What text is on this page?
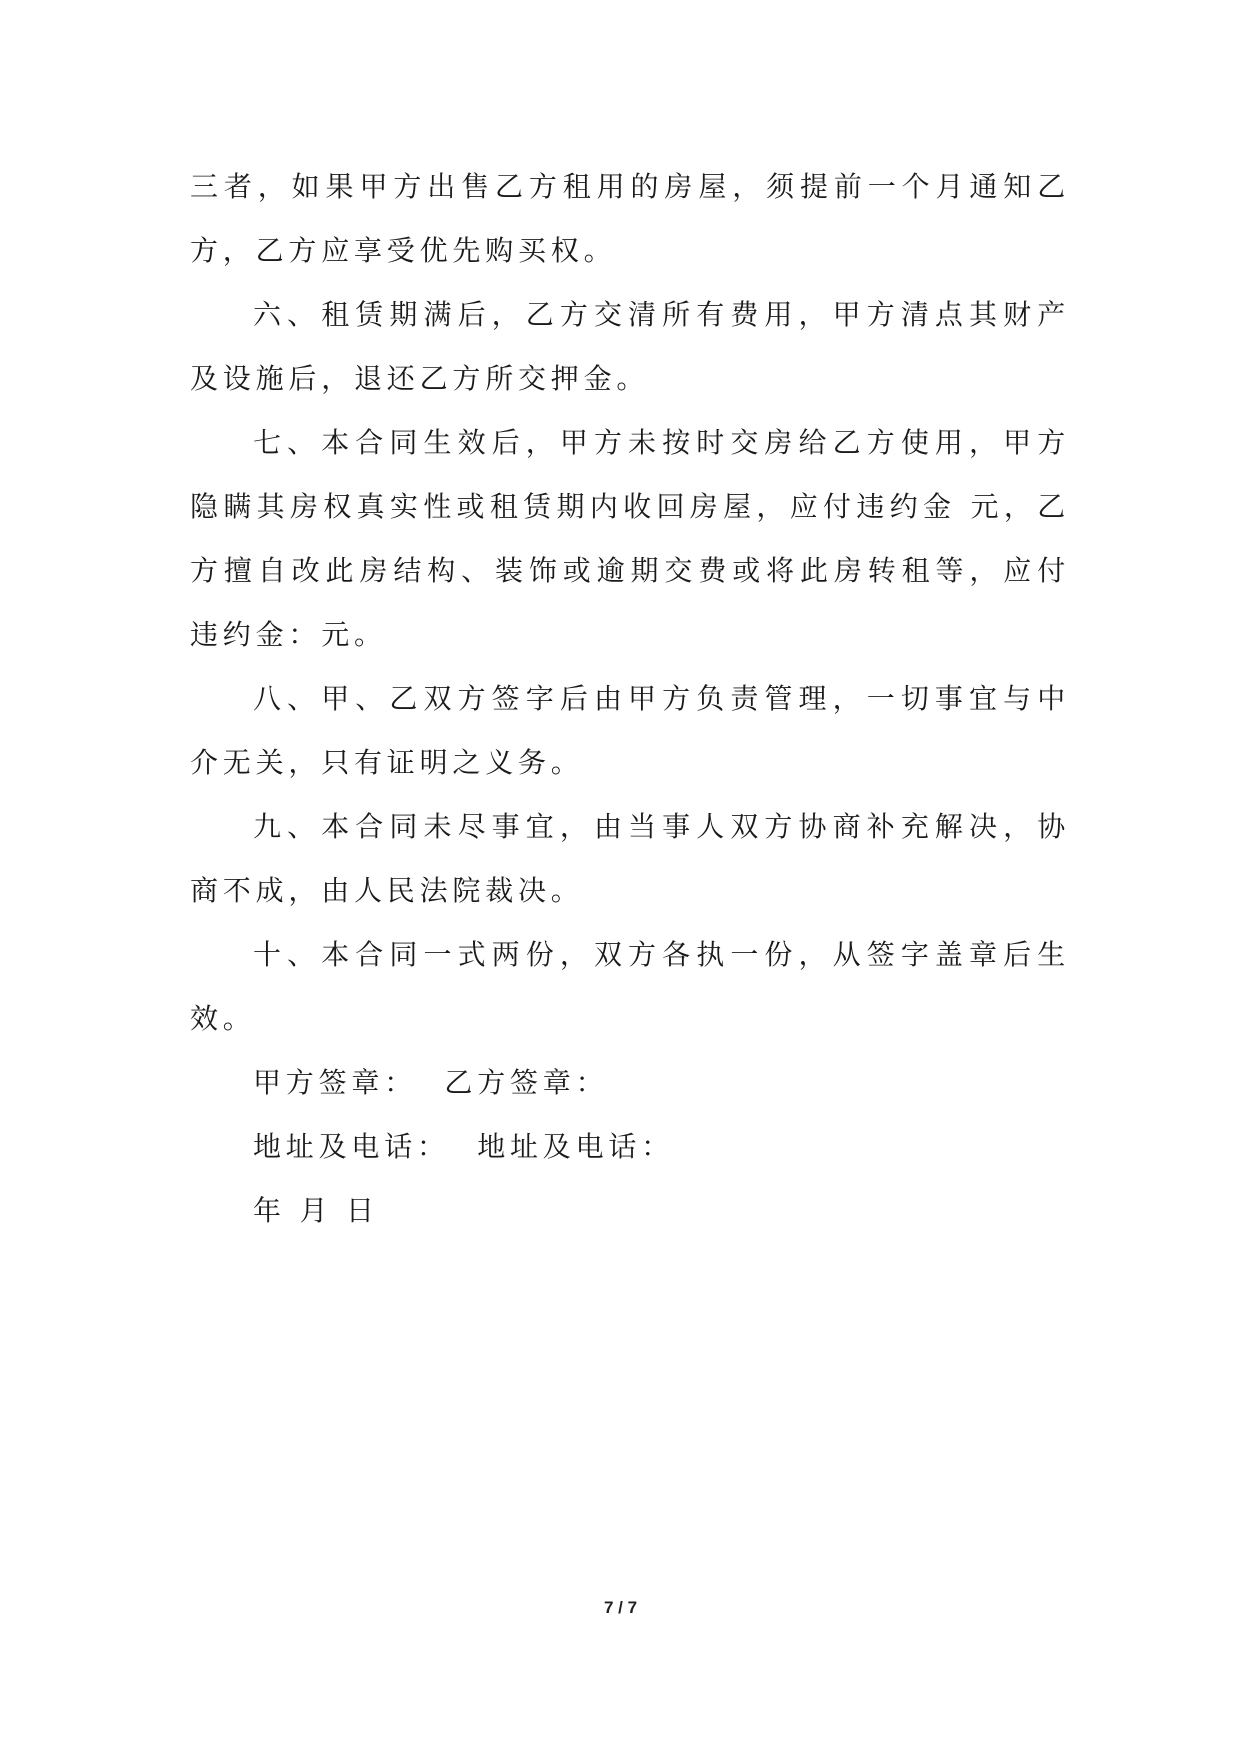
三者，如果甲方出售乙方租用的房屋，须提前一个月通知乙方，乙方应享受优先购买权。

六、租赁期满后，乙方交清所有费用，甲方清点其财产及设施后，退还乙方所交押金。

七、本合同生效后，甲方未按时交房给乙方使用，甲方隐瞒其房权真实性或租赁期内收回房屋，应付违约金 元，乙方擅自改此房结构、装饰或逾期交费或将此房转租等，应付违约金：元。

八、甲、乙双方签字后由甲方负责管理，一切事宜与中介无关，只有证明之义务。

九、本合同未尽事宜，由当事人双方协商补充解决，协商不成，由人民法院裁决。

十、本合同一式两份，双方各执一份，从签字盖章后生效。

甲方签章：  乙方签章：

地址及电话：  地址及电话：

年 月 日

7 / 7
